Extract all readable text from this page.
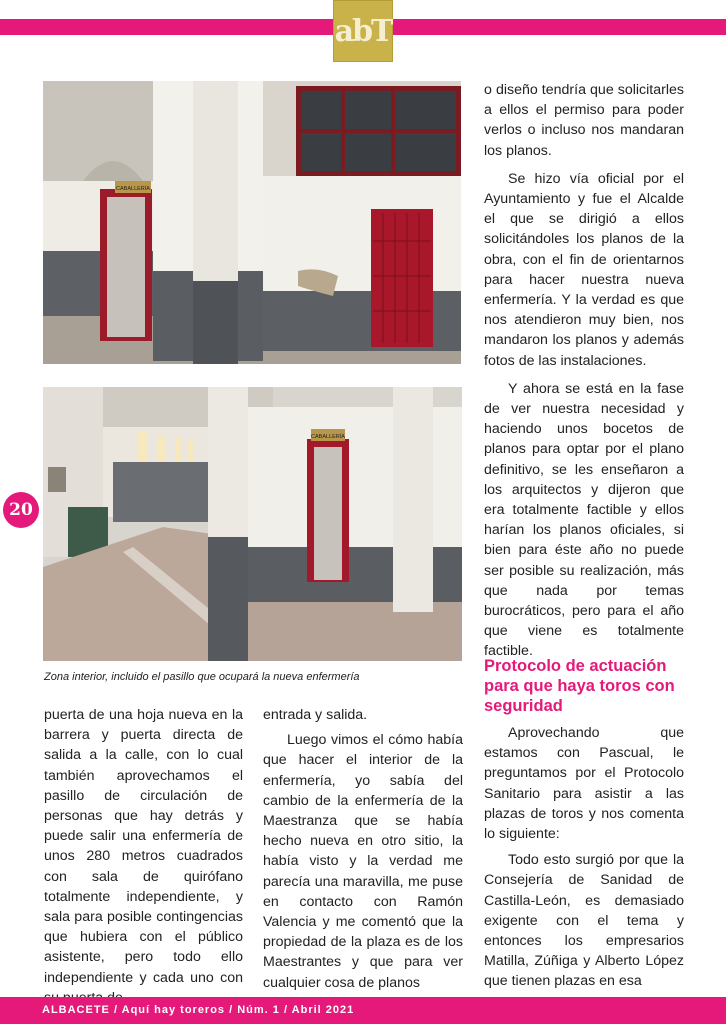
abT
20
CABALLERÍA
CABALLERÍA
Zona interior, incluido el pasillo que ocupará la nueva enfermería

o diseño tendría que solicitarles a ellos el permiso para poder verlos o incluso nos mandaran los planos.

Se hizo vía oficial por el Ayuntamiento y fue el Alcalde el que se dirigió a ellos solicitándoles los planos de la obra, con el fin de orientarnos para hacer nuestra nueva enfermería. Y la verdad es que nos atendieron muy bien, nos mandaron los planos y además fotos de las instalaciones.

Y ahora se está en la fase de ver nuestra necesidad y haciendo unos bocetos de planos para optar por el plano definitivo, se les enseñaron a los arquitectos y dijeron que era totalmente factible y ellos harían los planos oficiales, si bien para éste año no puede ser posible su realización, más que nada por temas burocráticos, pero para el año que viene es totalmente factible.

Protocolo de actuación para que haya toros con seguridad

puerta de una hoja nueva en la barrera y puerta directa de salida a la calle, con lo cual también aprovechamos el pasillo de circulación de personas que hay detrás y puede salir una enfermería de unos 280 metros cuadrados con sala de quirófano totalmente independiente, y sala para posible contingencias que hubiera con el público asistente, pero todo ello independiente y cada uno con

entrada y salida.

Luego vimos el cómo había que hacer el interior de la enfermería, yo sabía del cambio de la enfermería de la Maestranza que se había hecho nueva en otro sitio, la había visto y la verdad me parecía una maravilla, me puse en contacto con Ramón Valencia y me comentó que la propiedad de la plaza es de los Maestrantes y que para ver cualquier cosa de planos

Aprovechando que estamos con Pascual, le preguntamos por el Protocolo Sanitario para asistir a las plazas de toros y nos comenta lo siguiente:

Todo esto surgió por que la Consejería de Sanidad de Castilla-León, es demasiado exigente con el tema y entonces los empresarios Matilla, Zúñiga y Alberto López que tienen plazas en esa

ALBACETE / Aquí hay toreros / Núm. 1 / Abril 2021
